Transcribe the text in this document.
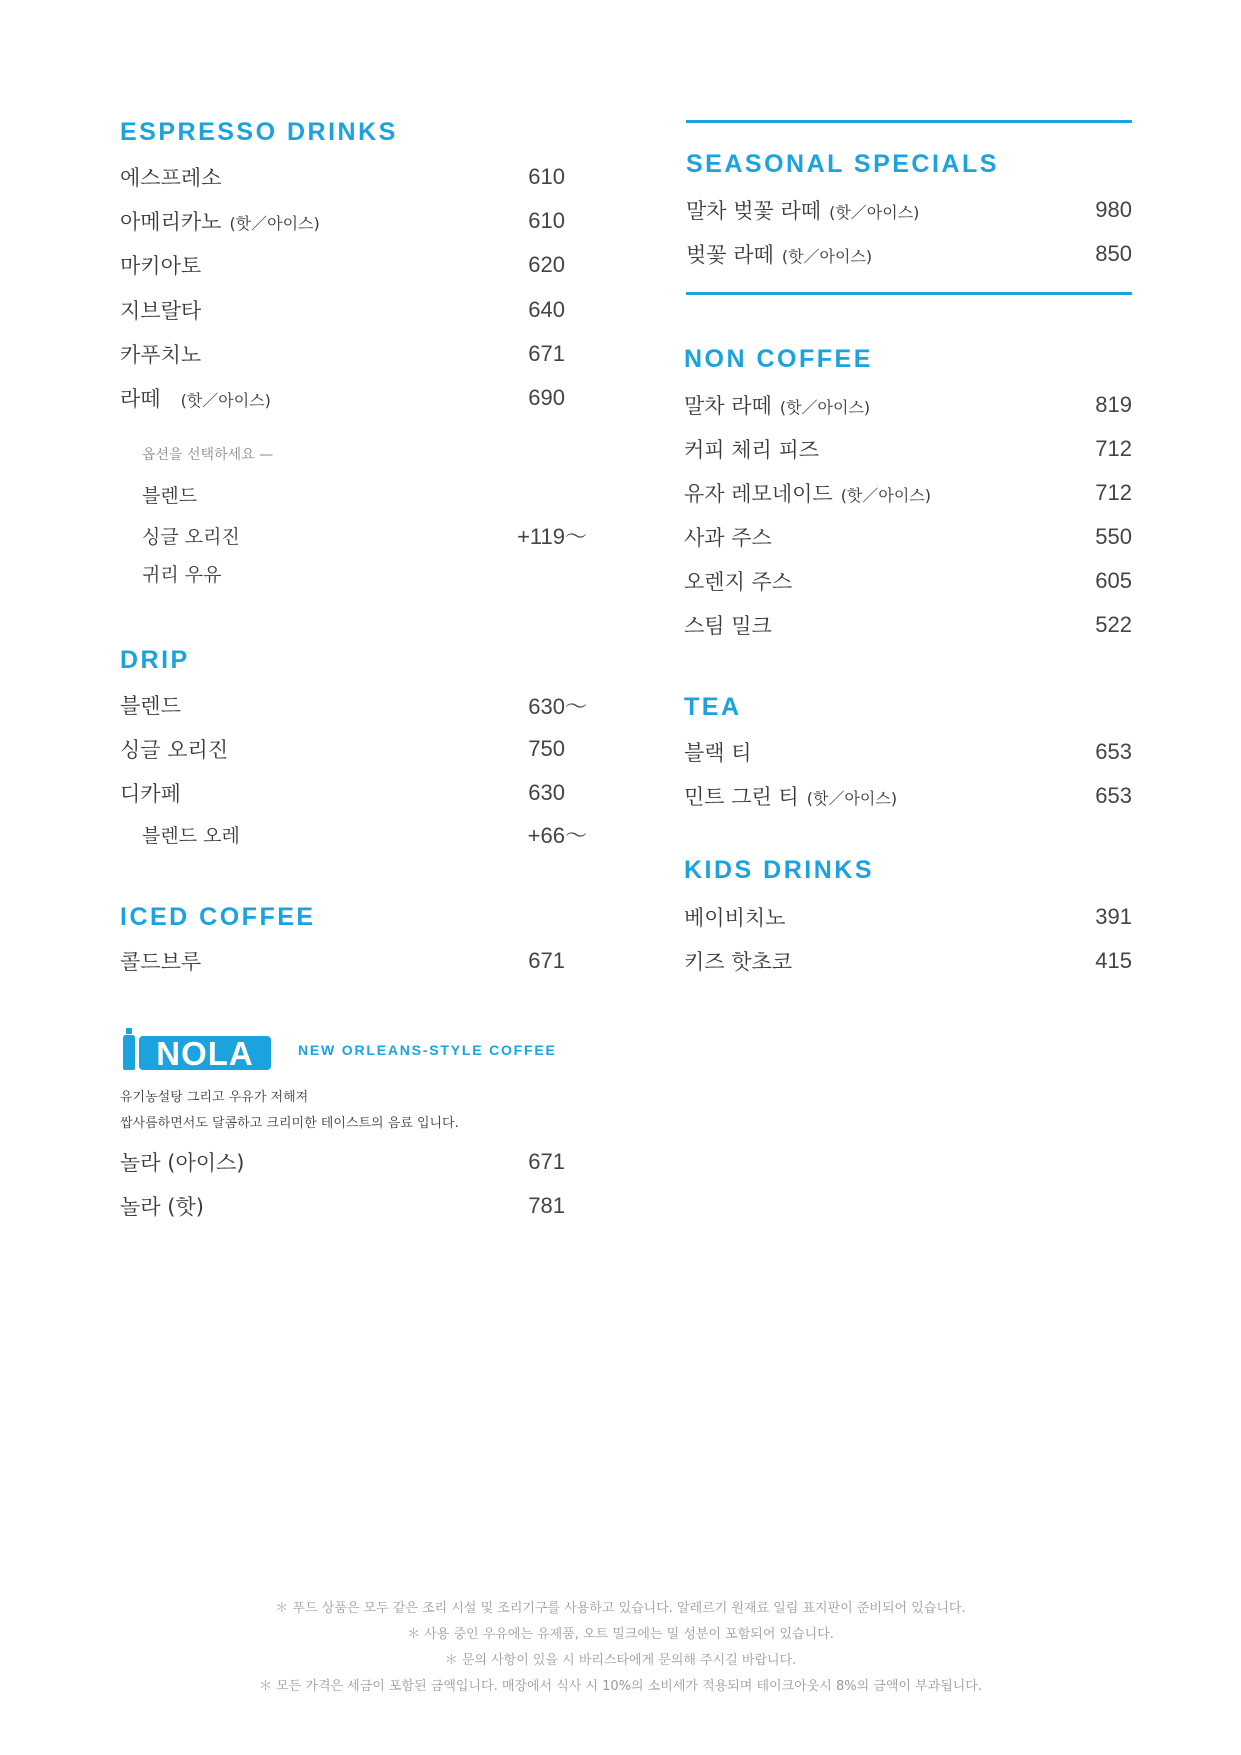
ESPRESSO DRINKS
에스프레소	610
아메리카노 (핫／아이스)	610
마키아토	620
지브랄타	640
카푸치노	671
라떼 (핫／아이스)	690
옵션을 선택하세요 —
블렌드
싱글 오리진	+119〜
귀리 우유
DRIP
블렌드	630〜
싱글 오리진	750
디카페	630
블렌드 오레	+66〜
ICED COFFEE
콜드브루	671
NOLA	NEW ORLEANS-STYLE COFFEE
유기농설탕 그리고 우유가 저해져
쌉사름하면서도 달콤하고 크리미한 테이스트의 음료 입니다.
놀라 (아이스)	671
놀라 (핫)	781
SEASONAL SPECIALS
말차 벚꽃 라떼 (핫／아이스)	980
벚꽃 라떼 (핫／아이스)	850
NON COFFEE
말차 라떼 (핫／아이스)	819
커피 체리 피즈	712
유자 레모네이드 (핫／아이스)	712
사과 주스	550
오렌지 주스	605
스팀 밀크	522
TEA
블랙 티	653
민트 그린 티 (핫／아이스)	653
KIDS DRINKS
베이비치노	391
키즈 핫초코	415
＊ 푸드 상품은 모두 같은 조리 시설 및 조리기구를 사용하고 있습니다. 알레르기 원재료 일림 표지판이 준비되어 있습니다.
＊ 사용 중인 우유에는 유제품, 오트 밀크에는 밀 성분이 포함되어 있습니다.
＊ 문의 사항이 있을 시 바리스타에게 문의해 주시길 바랍니다.
＊ 모든 가격은 세금이 포함된 금액입니다. 매장에서 식사 시 10%의 소비세가 적용되며 테이크아웃시 8%의 금액이 부과됩니다.
